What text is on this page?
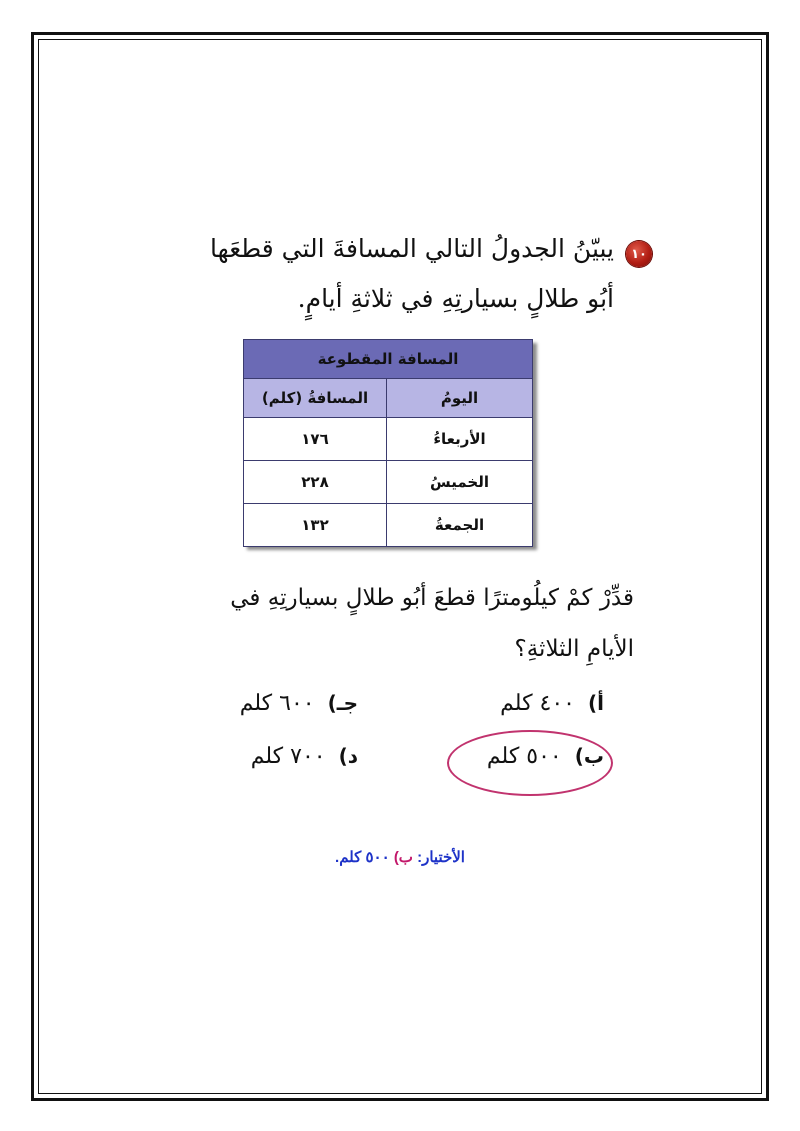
١٠
يبيّنُ الجدولُ التالي المسافةَ التي قطعَها
أبُو طلالٍ بسيارتِهِ في ثلاثةِ أيامٍ.
المسافة المقطوعة	
اليومُ	المسافةُ (كلم)
الأربعاءُ	١٧٦
الخميسُ	٢٢٨
الجمعةُ	١٣٢
قدِّرْ كمْ كيلُومترًا قطعَ أبُو طلالٍ بسيارتِهِ في
الأيامِ الثلاثةِ؟
أ) ٤٠٠ كلم
جـ) ٦٠٠ كلم
ب) ٥٠٠ كلم
د) ٧٠٠ كلم
الأختيار: ب) ٥٠٠ كلم.
